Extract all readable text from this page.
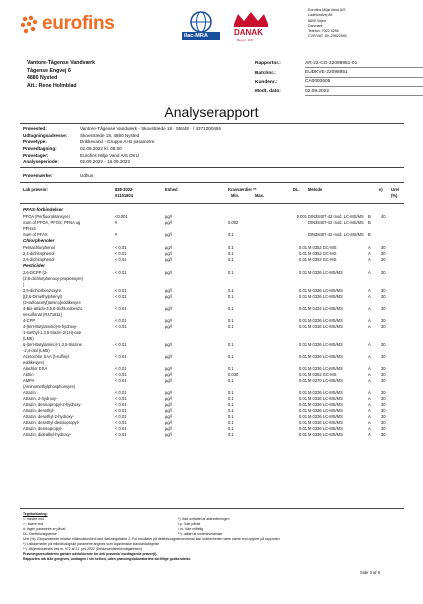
eurofins
ilac-MRA	DANAK
Reg.nr. 168
Eurofins Miljø Vand A/S
Ladelundvej 85
6600 Vejen
Danmark
Telefon: 7022 4256
CVR/VAT: DK-29822590
Vantore-Tågense Vandværk
Tågense Engvej 6
4880 Nysted
Att.: Rene Holmblad
Rapportnr.:	AR-22-CO-22098951-01
Batchnr.:	EUDKVE-22098951
Kundenr.:	CA0003605
Modt. dato:	02.09.2022
Analyserapport
Prøvested:	Vantore-Tågense Vandværk - Skovstræde 18 · 55848 · / 4371000496
Udtagningsadresse:	Skovstræde 18, 4880 Nysted
Prøvetype:	Drikkevand - Gruppe A+B parametre
Prøvedtagning:	02.09.2022 kl. 08.50
Prøvetager:	Eurofins Miljø Vand A/S DKU
Analyseperiode:	02.09.2022 - 16.09.2022
Prøvemærke:	Udhus
Lab prøvenr:	838-2022-	Enhed	Kravværdier **	DL. Metode	e) Urel
01101804	Min.	Max.	(%)
PFAS-forbindelser
PFOA (Perfluoroktansyre)	<0.001	µg/l	0.001 DIN38407-42 mod. LC-MS/MS B	40
Sum of PFOA, PFOS, PFNA og	#	µg/l	0.002	DIN38407-42 mod. LC-MS/MS B
PFHxS
Sum of PFAS	#	µg/l	0.1	DIN38407-42 mod. LC-MS/MS B
Chlorphenoler
Pentachlorphenol	< 0.01	µg/l	0.1	0.01 M 0352 GC-MS	A	30
2,4-dichlorphenol	< 0.01	µg/l	0.1	0.01 M 0352 GC-MS	A	30
2,6-dichlorphenol	< 0.01	µg/l	0.1	0.01 M 0352 GC-MS	A	30
Pesticider
2,6-DCPP (2-	< 0.01	µg/l	0.1	0.01 M 0336 LC-MS/MS	A	30
(2,6-dichlorphenoxy-propionsyre)
)
2,6-dichlorbenzoxyre	< 0.01	µg/l	0.1	0.01 M 0336 LC-MS/MS	A	30
[(2,6-Dimethylphenyl)	< 0.01	µg/l	0.1	0.01 M 0336 LC-MS/MS	A	30
(2-sulfoacetyl)amino]eddikesyre
4-Bis-amido-3,5,6-trichlorobenzo	< 0.01	µg/l	0.1	0.01 M 0424 LC-MS/MS	A	30
nesulfonat (R471811)
4-CPP	< 0.01	µg/l	0.1	0.01 M 0336 LC-MS/MS	A	30
4-(tert-Butylamino)-6-hydroxy-	< 0.01	µg/l	0.1	0.01 M 0336 LC-MS/MS	A	30
1-methyl-1,3,5-triazin-2(1H)-one
(LM6)
6-(tert-Butylamino)-1,3,5-triazine	< 0.01	µg/l	0.1	0.01 M 0336 LC-MS/MS	A	30
-2,4-diol (LM5)
Acetochlor SAA (t-sulfinyl	< 0.01	µg/l	0.1	0.01 M 0336 LC-MS/MS	A	30
eddikesyre)
Alachlor ESA	< 0.01	µg/l	0.1	0.01 M 0336 LC-MS/MS	A	30
Aldrin	< 0.01	µg/l	0.030	0.01 M 0352 GC-MS	A	30
AMPA	< 0.01	µg/l	0.1	0.01 M 0270 LC-MS/MS	A	30
(Aminomethylphosphonsyre)
Atrazin	< 0.01	µg/l	0.1	0.01 M 0336 LC-MS/MS	A	30
Atrazin, 2-hydroxy-	< 0.01	µg/l	0.1	0.01 M 0336 LC-MS/MS	A	30
Atrazin, desisopropyl-2-hydroxy-	< 0.01	µg/l	0.1	0.01 M 0336 LC-MS/MS	A	30
Atrazin, desethyl-	< 0.01	µg/l	0.1	0.01 M 0336 LC-MS/MS	A	30
Atrazin, desethyl-2-hydroxy-	< 0.01	µg/l	0.1	0.01 M 0336 LC-MS/MS	A	30
Atrazin, desethyl-desisopropyl-	< 0.01	µg/l	0.1	0.01 M 0336 LC-MS/MS	A	30
Atrazin, desisopropyl-	< 0.01	µg/l	0.1	0.01 M 0336 LC-MS/MS	A	30
Atrazin, didealkyl-hydroxy-	< 0.01	µg/l	0.1	0.01 M 0336 LC-MS/MS	A	30
Tegnforklaring:
<: mindre end
> : større end
#: Ingen parametre er påvist
DL: Detektionsgrænse
*): ikke omfattet af akkrediteringen
i.p.: ikke påvist
i.m.: ikke målelig
**): udført af underleverandør
Urel (%): Ekspanderede relative måleusikkerhed med dækningsfaktor 2. For resultater på detektionsgrænseniveau kan usikkerheden være større end opgivet på rapporten.
*): Usikkerheder på mikrobiologiske parametre angives som logaritmiske standardafvigelse
**): Miljøministeriets bek.nr. 972 af 21. juni 2022 (Drikkevandsbekendtgørelsen)
Prøvningsresultaterne gælder udelukkende for det/ prøvede/ modtagende prøver(t).
Rapporten må ikke gengives, undtagen i sin helhed, uden prøvningslaboratoriets skriftlige godkendelse.
Side 3 af 6
